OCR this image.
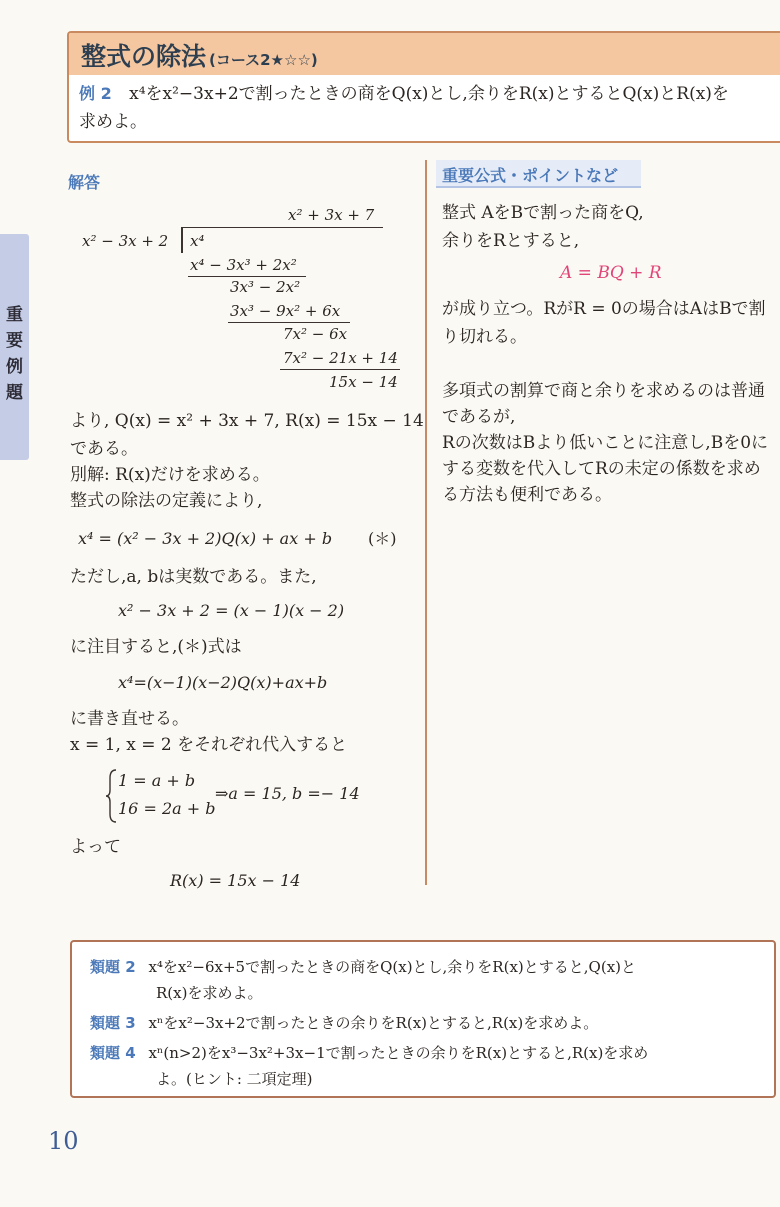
重
要
例
題
整式の除法 (コース2★☆☆)
例 2 x⁴をx²−3x+2で割ったときの商をQ(x)とし,余りをR(x)とするとQ(x)とR(x)を
求めよ。
解答
x² + 3x + 7
x² − 3x + 2 x⁴
x⁴ − 3x³ + 2x²
3x³ − 2x²
3x³ − 9x² + 6x
7x² − 6x
7x² − 21x + 14
15x − 14
より, Q(x) = x² + 3x + 7, R(x) = 15x − 14
である。
別解: R(x)だけを求める。
整式の除法の定義により,
x⁴ = (x² − 3x + 2)Q(x) + ax + b (＊)
ただし,a, bは実数である。また,
x² − 3x + 2 = (x − 1)(x − 2)
に注目すると,(＊)式は
x⁴=(x−1)(x−2)Q(x)+ax+b
に書き直せる。
x = 1, x = 2 をそれぞれ代入すると
1 = a + b
16 = 2a + b
⇒a = 15, b =− 14
よって
R(x) = 15x − 14
重要公式・ポイントなど
整式 AをBで割った商をQ,
余りをRとすると,
A = BQ + R
が成り立つ。RがR = 0の場合はAはBで割
り切れる。
多項式の割算で商と余りを求めるのは普通
であるが,
Rの次数はBより低いことに注意し,Bを0に
する変数を代入してRの未定の係数を求め
る方法も便利である。
類題 2 x⁴をx²−6x+5で割ったときの商をQ(x)とし,余りをR(x)とすると,Q(x)と
R(x)を求めよ。
類題 3 xⁿをx²−3x+2で割ったときの余りをR(x)とすると,R(x)を求めよ。
類題 4 xⁿ(n>2)をx³−3x²+3x−1で割ったときの余りをR(x)とすると,R(x)を求め
よ。(ヒント: 二項定理)
10
